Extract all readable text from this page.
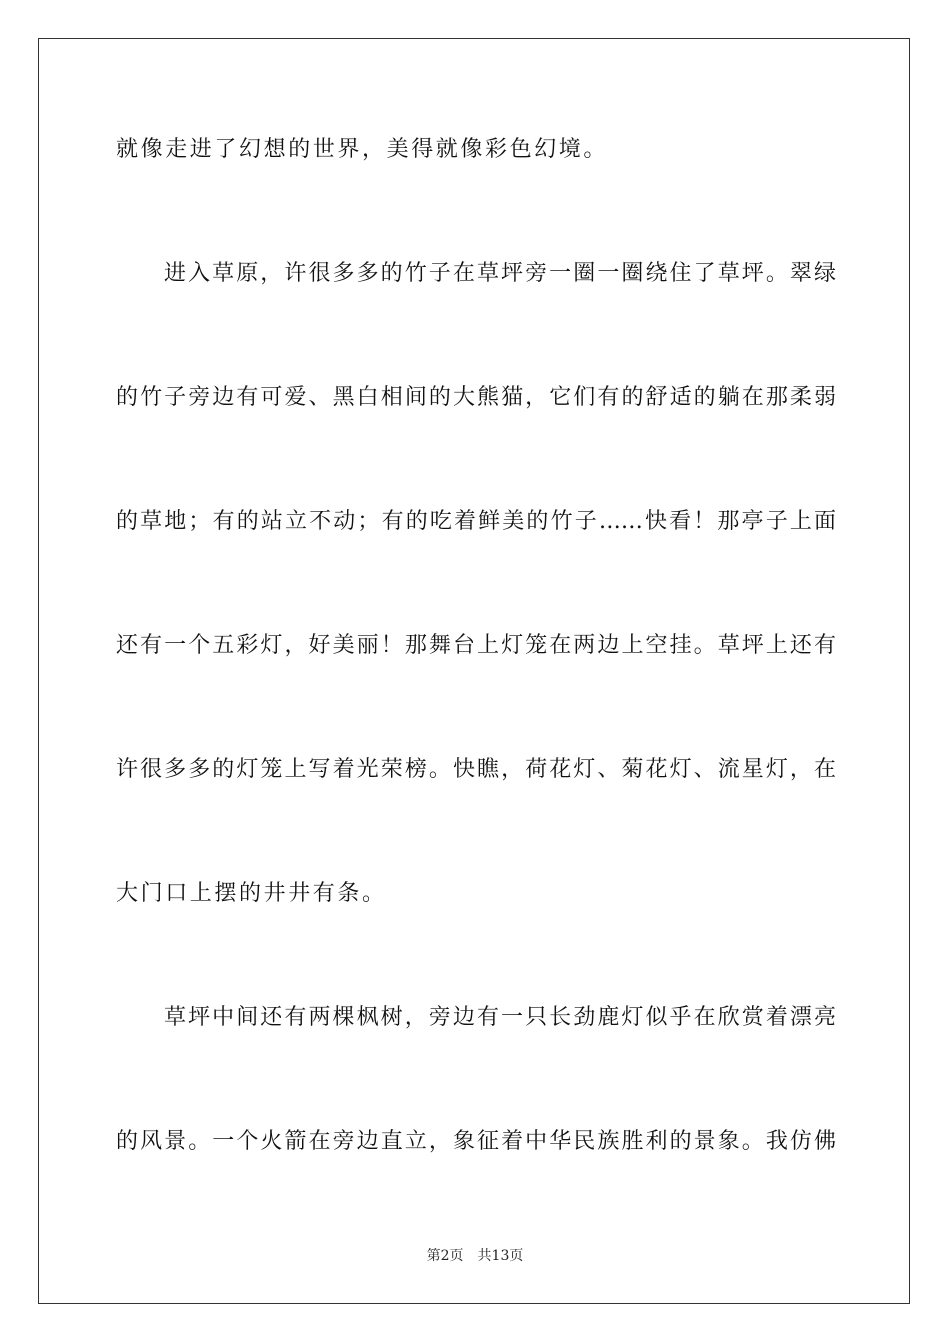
就像走进了幻想的世界，美得就像彩色幻境。
进入草原，许很多多的竹子在草坪旁一圈一圈绕住了草坪。翠绿
的竹子旁边有可爱、黑白相间的大熊猫，它们有的舒适的躺在那柔弱
的草地；有的站立不动；有的吃着鲜美的竹子……快看！那亭子上面
还有一个五彩灯，好美丽！那舞台上灯笼在两边上空挂。草坪上还有
许很多多的灯笼上写着光荣榜。快瞧，荷花灯、菊花灯、流星灯，在
大门口上摆的井井有条。
草坪中间还有两棵枫树，旁边有一只长劲鹿灯似乎在欣赏着漂亮
的风景。一个火箭在旁边直立，象征着中华民族胜利的景象。我仿佛
第2页 共13页
